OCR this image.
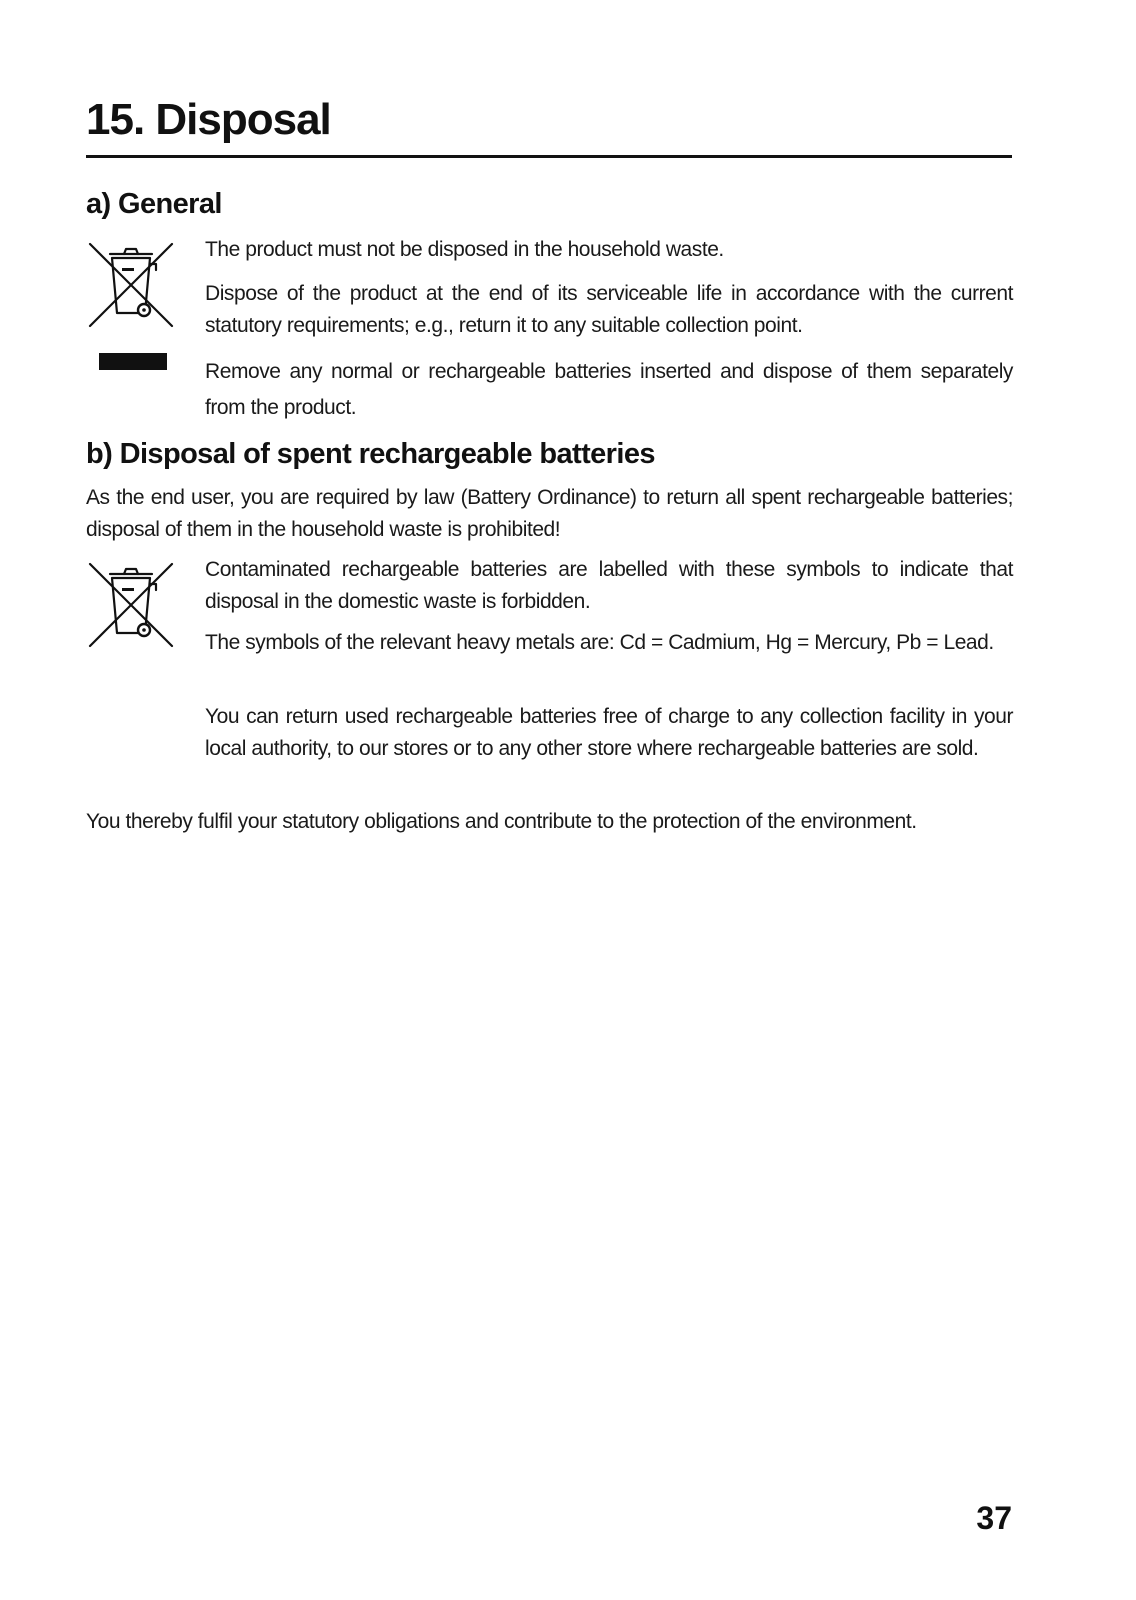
15. Disposal
a) General

The product must not be disposed in the household waste.

Dispose of the product at the end of its serviceable life in accordance with the current statutory requirements; e.g., return it to any suitable collection point.

Remove any normal or rechargeable batteries inserted and dispose of them separately from the product.

b) Disposal of spent rechargeable batteries

As the end user, you are required by law (Battery Ordinance) to return all spent rechargeable batteries; disposal of them in the household waste is prohibited!

Contaminated rechargeable batteries are labelled with these symbols to indicate that disposal in the domestic waste is forbidden.

The symbols of the relevant heavy metals are: Cd = Cadmium, Hg = Mercury, Pb = Lead.

You can return used rechargeable batteries free of charge to any collection facility in your local authority, to our stores or to any other store where rechargeable batteries are sold.

You thereby fulfil your statutory obligations and contribute to the protection of the environment.

37
